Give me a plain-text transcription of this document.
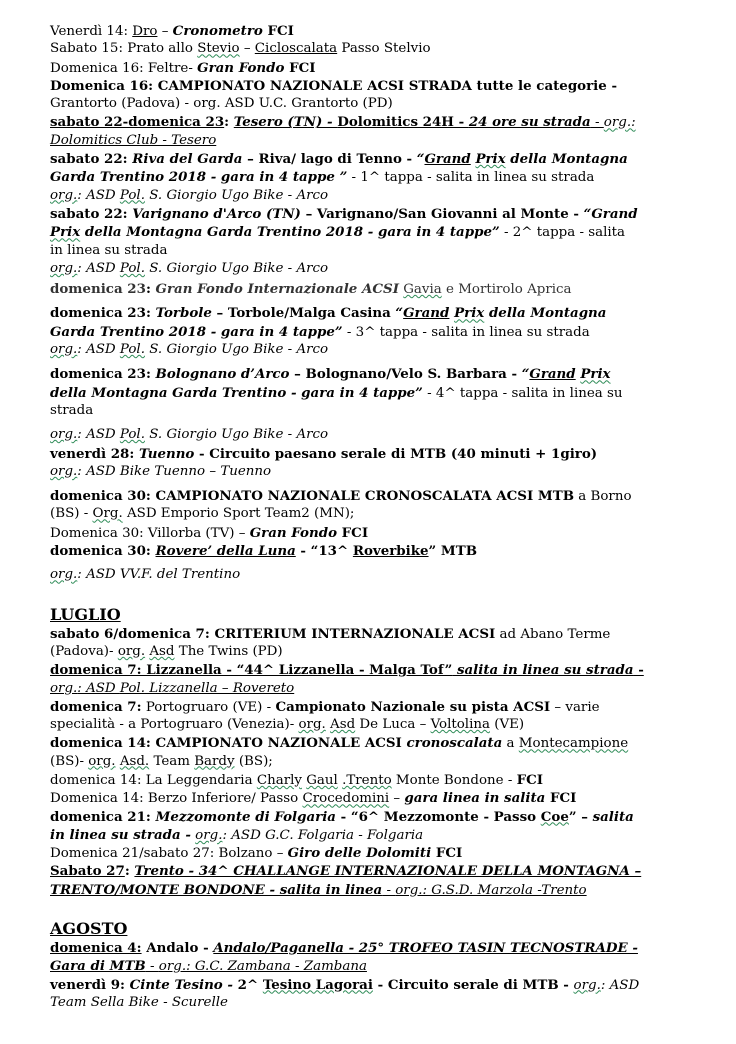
Venerdì 14: Dro – Cronometro FCI
Sabato 15: Prato allo Stevio – Cicloscalata Passo Stelvio
Domenica 16: Feltre- Gran Fondo FCI
Domenica 16: CAMPIONATO NAZIONALE ACSI STRADA tutte le categorie -
Grantorto (Padova) - org. ASD U.C. Grantorto (PD)
sabato 22-domenica 23: Tesero (TN) - Dolomitics 24H - 24 ore su strada - org.:
Dolomitics Club - Tesero
sabato 22: Riva del Garda – Riva/ lago di Tenno - “Grand Prix della Montagna
Garda Trentino 2018 - gara in 4 tappe ” - 1^ tappa - salita in linea su strada
org.: ASD Pol. S. Giorgio Ugo Bike - Arco
sabato 22: Varignano d'Arco (TN) – Varignano/San Giovanni al Monte - “Grand
Prix della Montagna Garda Trentino 2018 - gara in 4 tappe” - 2^ tappa - salita
in linea su strada
org.: ASD Pol. S. Giorgio Ugo Bike - Arco
domenica 23: Gran Fondo Internazionale ACSI Gavia e Mortirolo Aprica
domenica 23: Torbole – Torbole/Malga Casina “Grand Prix della Montagna
Garda Trentino 2018 - gara in 4 tappe” - 3^ tappa - salita in linea su strada
org.: ASD Pol. S. Giorgio Ugo Bike - Arco
domenica 23: Bolognano d’Arco – Bolognano/Velo S. Barbara - “Grand Prix
della Montagna Garda Trentino - gara in 4 tappe” - 4^ tappa - salita in linea su
strada
org.: ASD Pol. S. Giorgio Ugo Bike - Arco
venerdì 28: Tuenno - Circuito paesano serale di MTB (40 minuti + 1giro)
org.: ASD Bike Tuenno – Tuenno
domenica 30: CAMPIONATO NAZIONALE CRONOSCALATA ACSI MTB a Borno
(BS) - Org. ASD Emporio Sport Team2 (MN);
Domenica 30: Villorba (TV) – Gran Fondo FCI
domenica 30: Rovere’ della Luna - “13^ Roverbike” MTB
org.: ASD VV.F. del Trentino
LUGLIO
sabato 6/domenica 7: CRITERIUM INTERNAZIONALE ACSI ad Abano Terme
(Padova)- org. Asd The Twins (PD)
domenica 7: Lizzanella - “44^ Lizzanella - Malga Tof” salita in linea su strada -
org.: ASD Pol. Lizzanella – Rovereto
domenica 7: Portogruaro (VE) - Campionato Nazionale su pista ACSI – varie
specialità - a Portogruaro (Venezia)- org. Asd De Luca – Voltolina (VE)
domenica 14: CAMPIONATO NAZIONALE ACSI cronoscalata a Montecampione
(BS)- org. Asd. Team Bardy (BS);
domenica 14: La Leggendaria Charly Gaul .Trento Monte Bondone - FCI
Domenica 14: Berzo Inferiore/ Passo Crocedomini – gara linea in salita FCI
domenica 21: Mezzomonte di Folgaria - “6^ Mezzomonte - Passo Coe” – salita
in linea su strada - org.: ASD G.C. Folgaria - Folgaria
Domenica 21/sabato 27: Bolzano – Giro delle Dolomiti FCI
Sabato 27: Trento - 34^ CHALLANGE INTERNAZIONALE DELLA MONTAGNA –
TRENTO/MONTE BONDONE - salita in linea - org.: G.S.D. Marzola -Trento
AGOSTO
domenica 4: Andalo - Andalo/Paganella - 25° TROFEO TASIN TECNOSTRADE -
Gara di MTB - org.: G.C. Zambana - Zambana
venerdì 9: Cinte Tesino - 2^ Tesino Lagorai - Circuito serale di MTB - org.: ASD
Team Sella Bike - Scurelle
